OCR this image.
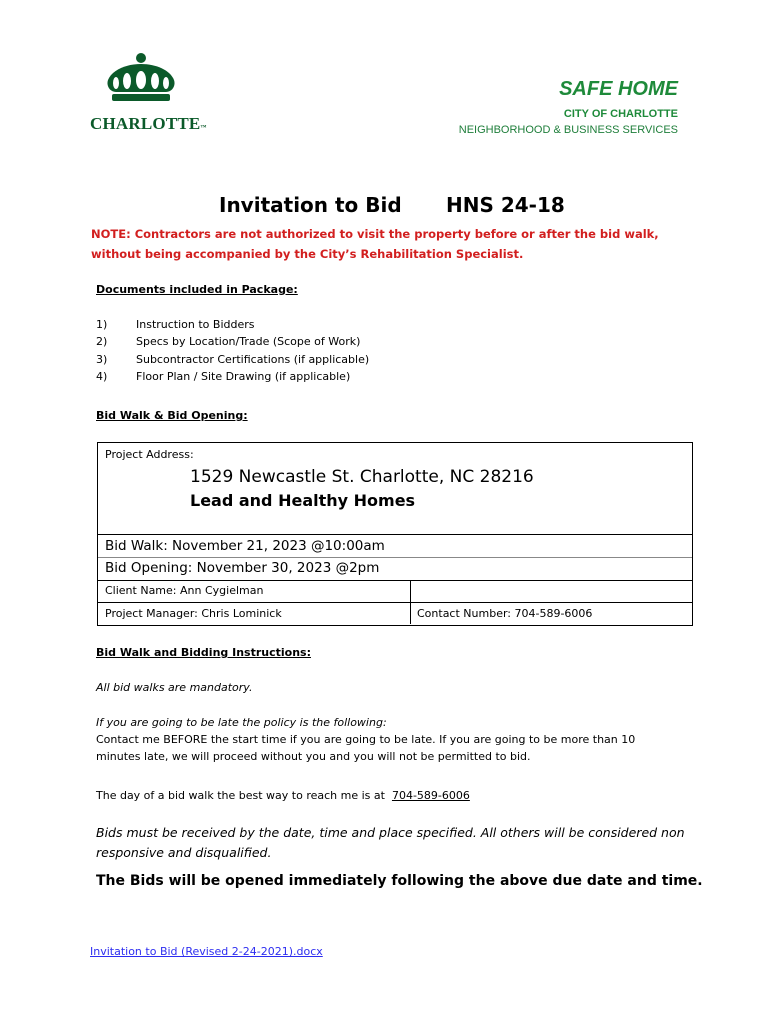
CHARLOTTE™
SAFE HOME
CITY OF CHARLOTTE
NEIGHBORHOOD & BUSINESS SERVICES
Invitation to Bid HNS 24-18
NOTE: Contractors are not authorized to visit the property before or after the bid walk, without being accompanied by the City’s Rehabilitation Specialist.
Documents included in Package:
1)	Instruction to Bidders
2)	Specs by Location/Trade (Scope of Work)
3)	Subcontractor Certifications (if applicable)
4)	Floor Plan / Site Drawing (if applicable)
Bid Walk & Bid Opening:
Project Address:
1529 Newcastle St. Charlotte, NC 28216
Lead and Healthy Homes
Bid Walk: November 21, 2023 @10:00am
Bid Opening: November 30, 2023 @2pm
Client Name: Ann Cygielman
Project Manager: Chris Lominick	Contact Number: 704-589-6006
Bid Walk and Bidding Instructions:
All bid walks are mandatory.
If you are going to be late the policy is the following:
Contact me BEFORE the start time if you are going to be late. If you are going to be more than 10
minutes late, we will proceed without you and you will not be permitted to bid.
The day of a bid walk the best way to reach me is at 704-589-6006
Bids must be received by the date, time and place specified. All others will be considered non
responsive and disqualified.
The Bids will be opened immediately following the above due date and time.
Invitation to Bid (Revised 2-24-2021).docx
